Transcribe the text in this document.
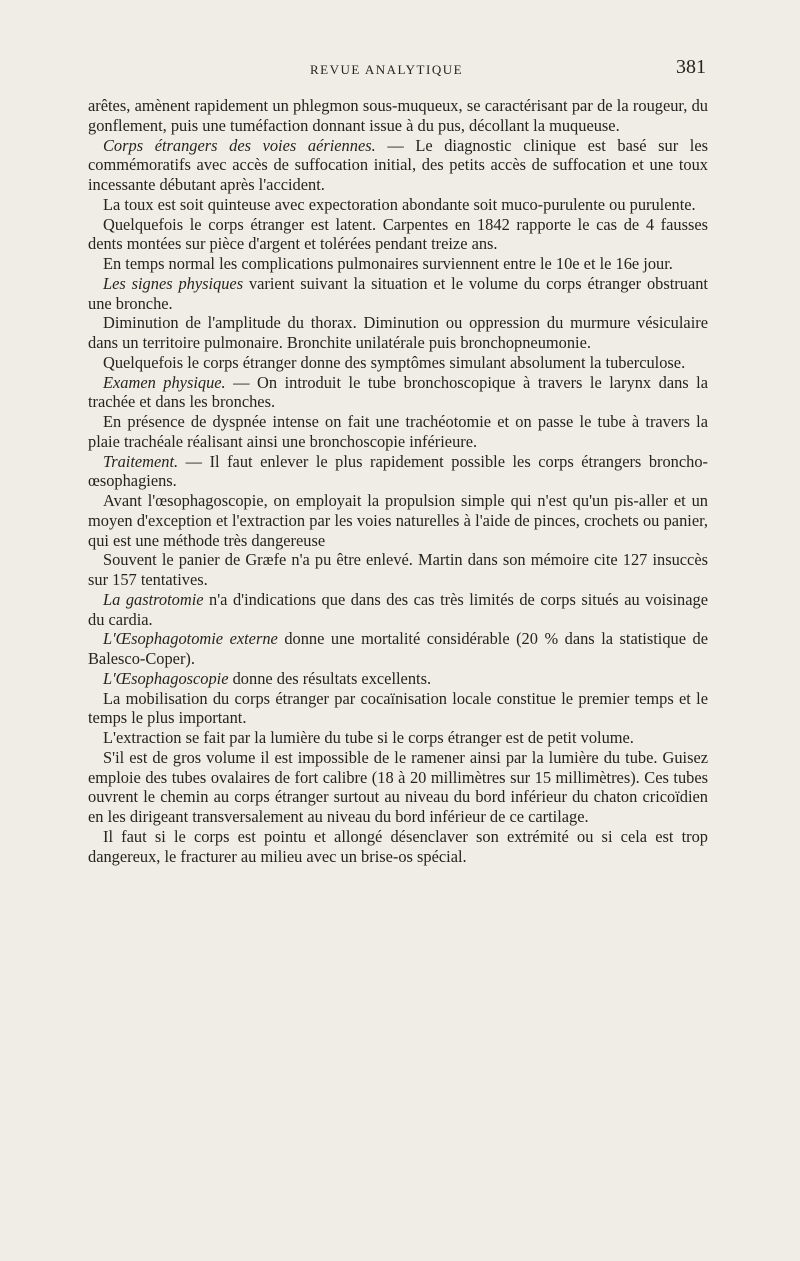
REVUE ANALYTIQUE	381

arêtes, amènent rapidement un phlegmon sous-muqueux, se caractérisant par de la rougeur, du gonflement, puis une tuméfaction donnant issue à du pus, décollant la muqueuse.

Corps étrangers des voies aériennes. — Le diagnostic clinique est basé sur les commémoratifs avec accès de suffocation initial, des petits accès de suffocation et une toux incessante débutant après l'accident.

La toux est soit quinteuse avec expectoration abondante soit muco-purulente ou purulente.

Quelquefois le corps étranger est latent. Carpentes en 1842 rapporte le cas de 4 fausses dents montées sur pièce d'argent et tolérées pendant treize ans.

En temps normal les complications pulmonaires surviennent entre le 10e et le 16e jour.

Les signes physiques varient suivant la situation et le volume du corps étranger obstruant une bronche.

Diminution de l'amplitude du thorax. Diminution ou oppression du murmure vésiculaire dans un territoire pulmonaire. Bronchite unilatérale puis bronchopneumonie.

Quelquefois le corps étranger donne des symptômes simulant absolument la tuberculose.

Examen physique. — On introduit le tube bronchoscopique à travers le larynx dans la trachée et dans les bronches.

En présence de dyspnée intense on fait une trachéotomie et on passe le tube à travers la plaie trachéale réalisant ainsi une bronchoscopie inférieure.

Traitement. — Il faut enlever le plus rapidement possible les corps étrangers broncho-œsophagiens.

Avant l'œsophagoscopie, on employait la propulsion simple qui n'est qu'un pis-aller et un moyen d'exception et l'extraction par les voies naturelles à l'aide de pinces, crochets ou panier, qui est une méthode très dangereuse

Souvent le panier de Græfe n'a pu être enlevé. Martin dans son mémoire cite 127 insuccès sur 157 tentatives.

La gastrotomie n'a d'indications que dans des cas très limités de corps situés au voisinage du cardia.

L'Œsophagotomie externe donne une mortalité considérable (20 % dans la statistique de Balesco-Coper).

L'Œsophagoscopie donne des résultats excellents.

La mobilisation du corps étranger par cocaïnisation locale constitue le premier temps et le temps le plus important.

L'extraction se fait par la lumière du tube si le corps étranger est de petit volume.

S'il est de gros volume il est impossible de le ramener ainsi par la lumière du tube. Guisez emploie des tubes ovalaires de fort calibre (18 à 20 millimètres sur 15 millimètres). Ces tubes ouvrent le chemin au corps étranger surtout au niveau du bord inférieur du chaton cricoïdien en les dirigeant transversalement au niveau du bord inférieur de ce cartilage.

Il faut si le corps est pointu et allongé désenclaver son extrémité ou si cela est trop dangereux, le fracturer au milieu avec un brise-os spécial.
